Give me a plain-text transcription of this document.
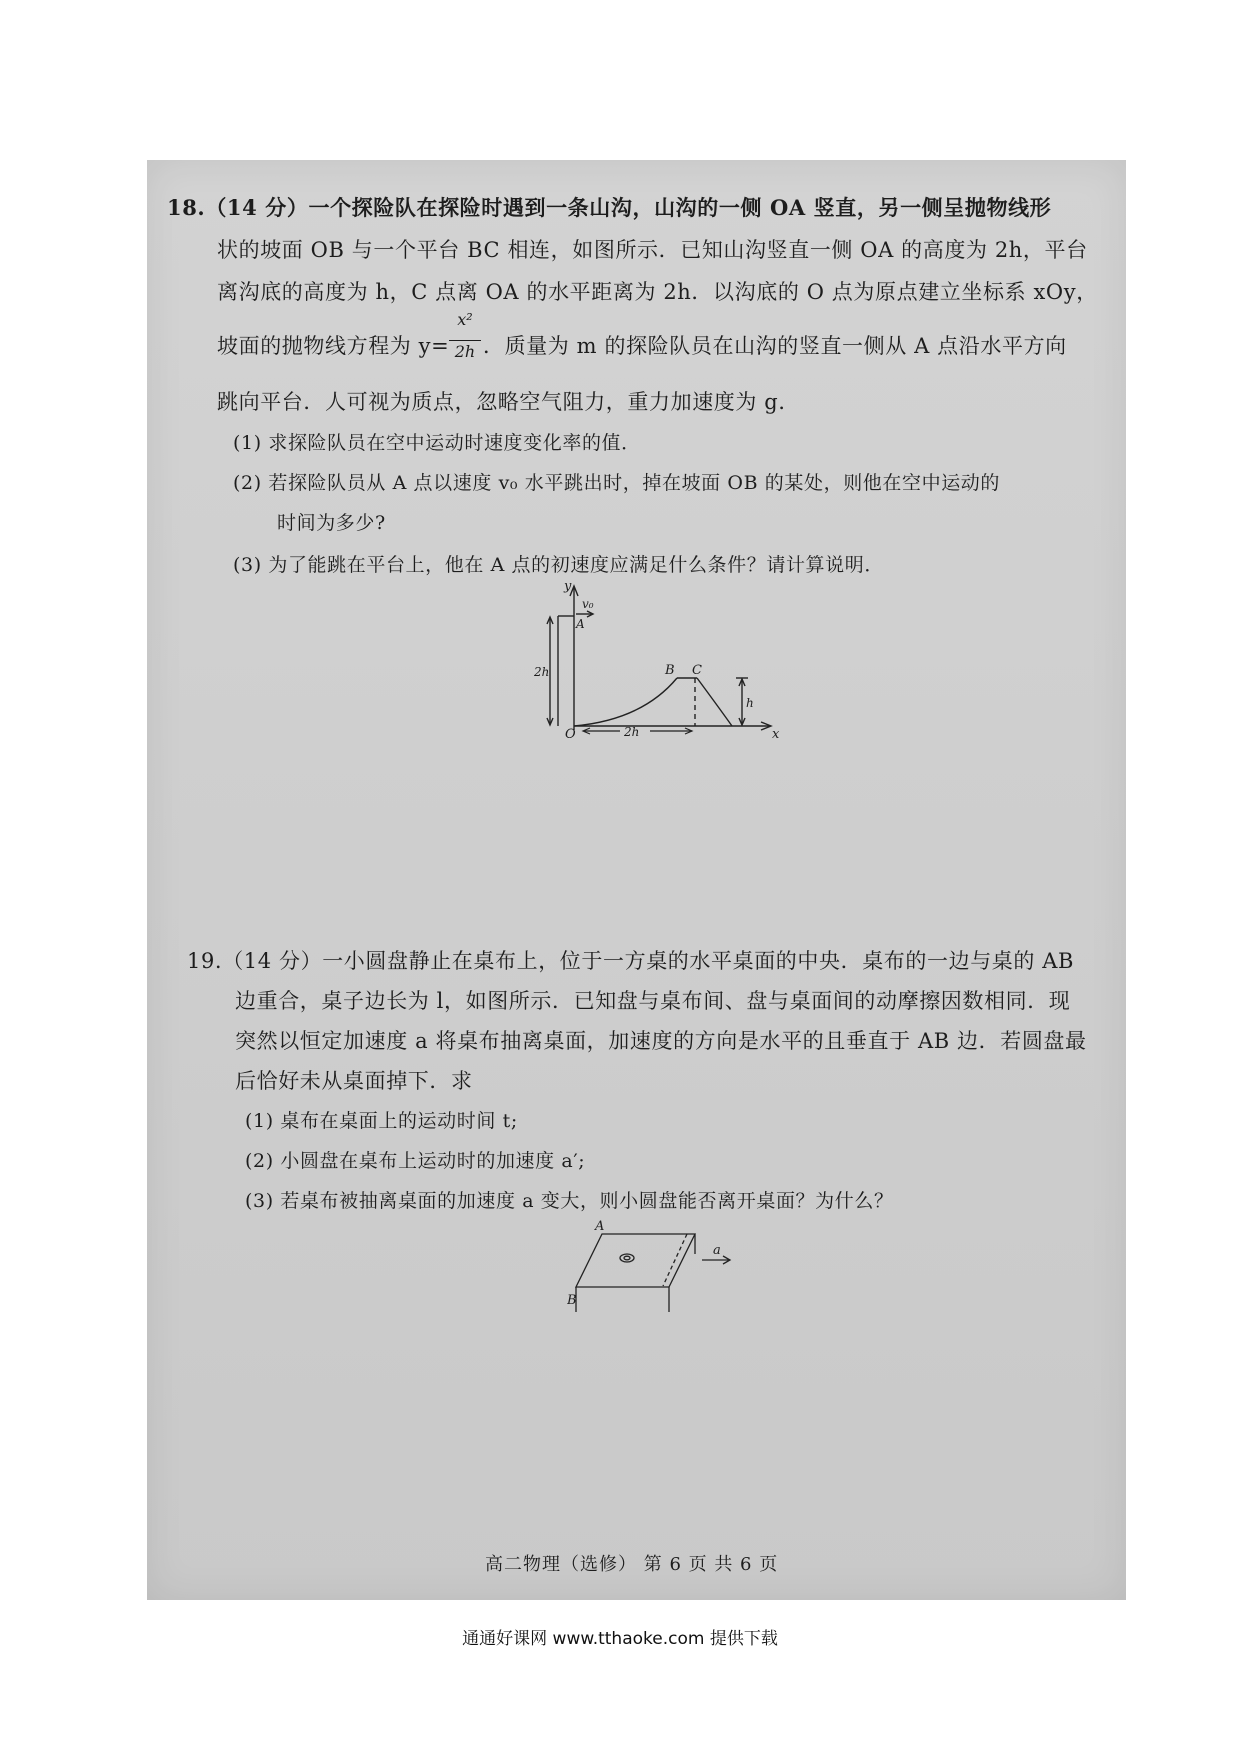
18.（14 分）一个探险队在探险时遇到一条山沟，山沟的一侧 OA 竖直，另一侧呈抛物线形
状的坡面 OB 与一个平台 BC 相连，如图所示．已知山沟竖直一侧 OA 的高度为 2h，平台
离沟底的高度为 h，C 点离 OA 的水平距离为 2h．以沟底的 O 点为原点建立坐标系 xOy，
坡面的抛物线方程为 y=
x²
2h ．质量为 m 的探险队员在山沟的竖直一侧从 A 点沿水平方向
跳向平台．人可视为质点，忽略空气阻力，重力加速度为 g．
(1) 求探险队员在空中运动时速度变化率的值．
(2) 若探险队员从 A 点以速度 v₀ 水平跳出时，掉在坡面 OB 的某处，则他在空中运动的
时间为多少?
(3) 为了能跳在平台上，他在 A 点的初速度应满足什么条件？请计算说明．
y
v₀
A
2h	B C
h
O	x
2h
19.（14 分）一小圆盘静止在桌布上，位于一方桌的水平桌面的中央．桌布的一边与桌的 AB
边重合，桌子边长为 l，如图所示．已知盘与桌布间、盘与桌面间的动摩擦因数相同．现
突然以恒定加速度 a 将桌布抽离桌面，加速度的方向是水平的且垂直于 AB 边．若圆盘最
后恰好未从桌面掉下．求
(1) 桌布在桌面上的运动时间 t;
(2) 小圆盘在桌布上运动时的加速度 a′;
(3) 若桌布被抽离桌面的加速度 a 变大，则小圆盘能否离开桌面？为什么？
A
B
a
高二物理（选修） 第 6 页 共 6 页
通通好课网 www.tthaoke.com 提供下载
